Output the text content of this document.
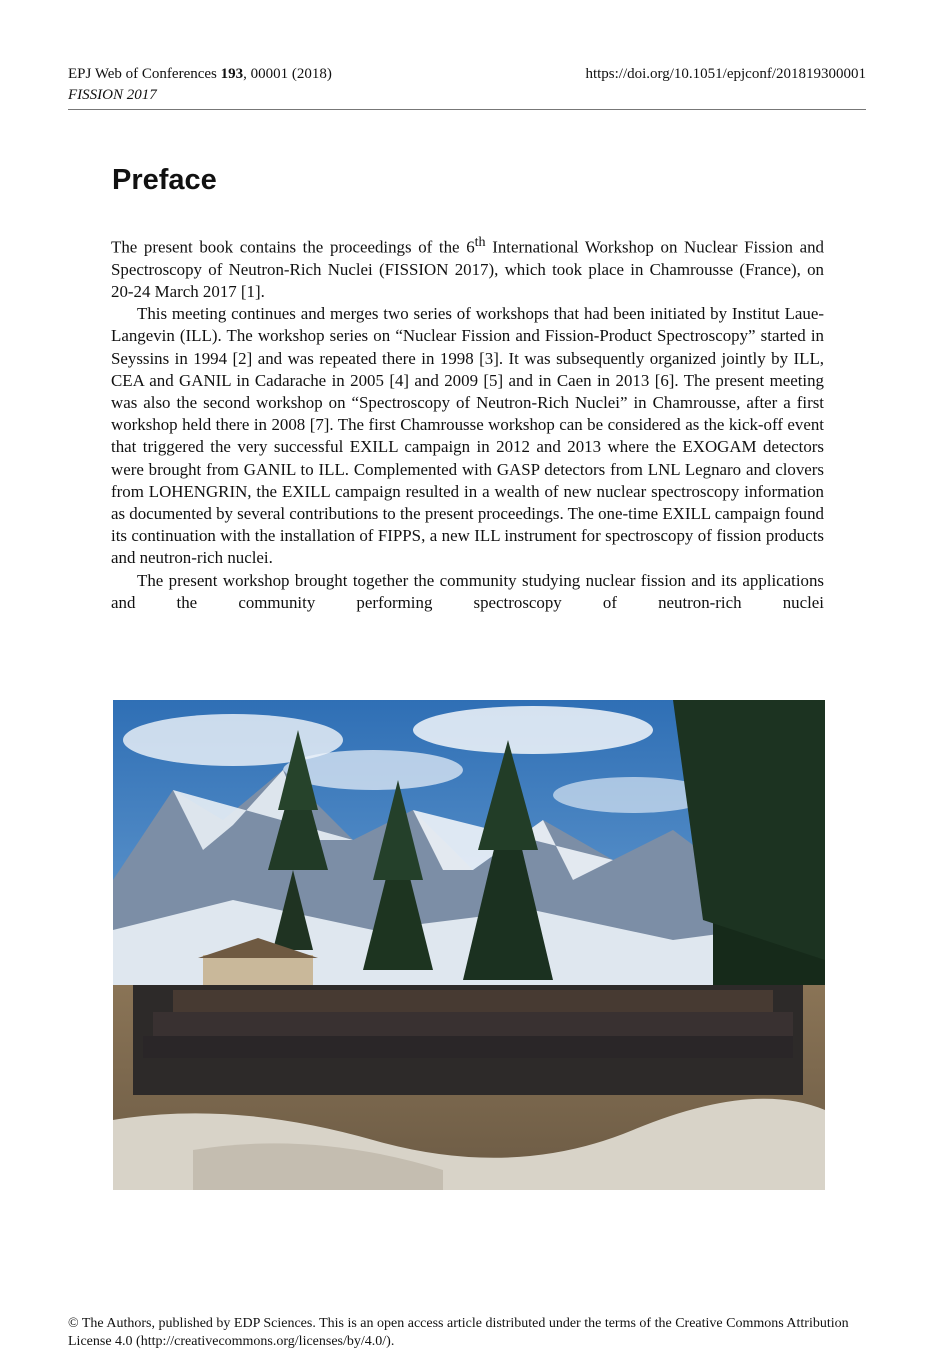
EPJ Web of Conferences 193, 00001 (2018)	https://doi.org/10.1051/epjconf/201819300001
FISSION 2017
Preface

The present book contains the proceedings of the 6th International Workshop on Nuclear Fission and Spectroscopy of Neutron-Rich Nuclei (FISSION 2017), which took place in Chamrousse (France), on 20-24 March 2017 [1].

This meeting continues and merges two series of workshops that had been initiated by Institut Laue-Langevin (ILL). The workshop series on “Nuclear Fission and Fission-Product Spectroscopy” started in Seyssins in 1994 [2] and was repeated there in 1998 [3]. It was subsequently organized jointly by ILL, CEA and GANIL in Cadarache in 2005 [4] and 2009 [5] and in Caen in 2013 [6]. The present meeting was also the second workshop on “Spectroscopy of Neutron-Rich Nuclei” in Chamrousse, after a first workshop held there in 2008 [7]. The first Chamrousse workshop can be considered as the kick-off event that triggered the very successful EXILL campaign in 2012 and 2013 where the EXOGAM detectors were brought from GANIL to ILL. Complemented with GASP detectors from LNL Legnaro and clovers from LOHENGRIN, the EXILL campaign resulted in a wealth of new nuclear spectroscopy information as documented by several contributions to the present proceedings. The one-time EXILL campaign found its continuation with the installation of FIPPS, a new ILL instrument for spectroscopy of fission products and neutron-rich nuclei.

The present workshop brought together the community studying nuclear fission and its applications and the community performing spectroscopy of neutron-rich nuclei

© The Authors, published by EDP Sciences. This is an open access article distributed under the terms of the Creative Commons Attribution License 4.0 (http://creativecommons.org/licenses/by/4.0/).
